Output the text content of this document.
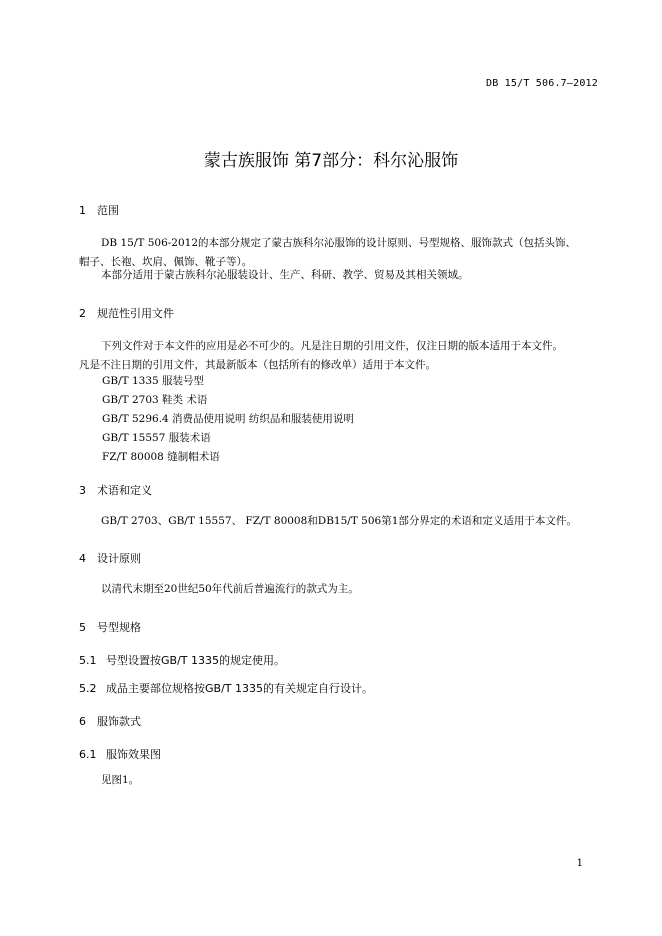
DB 15/T 506.7—2012
蒙古族服饰 第7部分：科尔沁服饰
1 范围
DB 15/T 506-2012的本部分规定了蒙古族科尔沁服饰的设计原则、号型规格、服饰款式（包括头饰、
帽子、长袍、坎肩、佩饰、靴子等）。
本部分适用于蒙古族科尔沁服装设计、生产、科研、教学、贸易及其相关领域。
2 规范性引用文件
下列文件对于本文件的应用是必不可少的。凡是注日期的引用文件，仅注日期的版本适用于本文件。
凡是不注日期的引用文件，其最新版本（包括所有的修改单）适用于本文件。
GB/T 1335 服装号型
GB/T 2703 鞋类 术语
GB/T 5296.4 消费品使用说明 纺织品和服装使用说明
GB/T 15557 服装术语
FZ/T 80008 缝制帽术语
3 术语和定义
GB/T 2703、GB/T 15557、 FZ/T 80008和DB15/T 506第1部分界定的术语和定义适用于本文件。
4 设计原则
以清代末期至20世纪50年代前后普遍流行的款式为主。
5 号型规格
5.1 号型设置按GB/T 1335的规定使用。
5.2 成品主要部位规格按GB/T 1335的有关规定自行设计。
6 服饰款式
6.1 服饰效果图
见图1。
1
